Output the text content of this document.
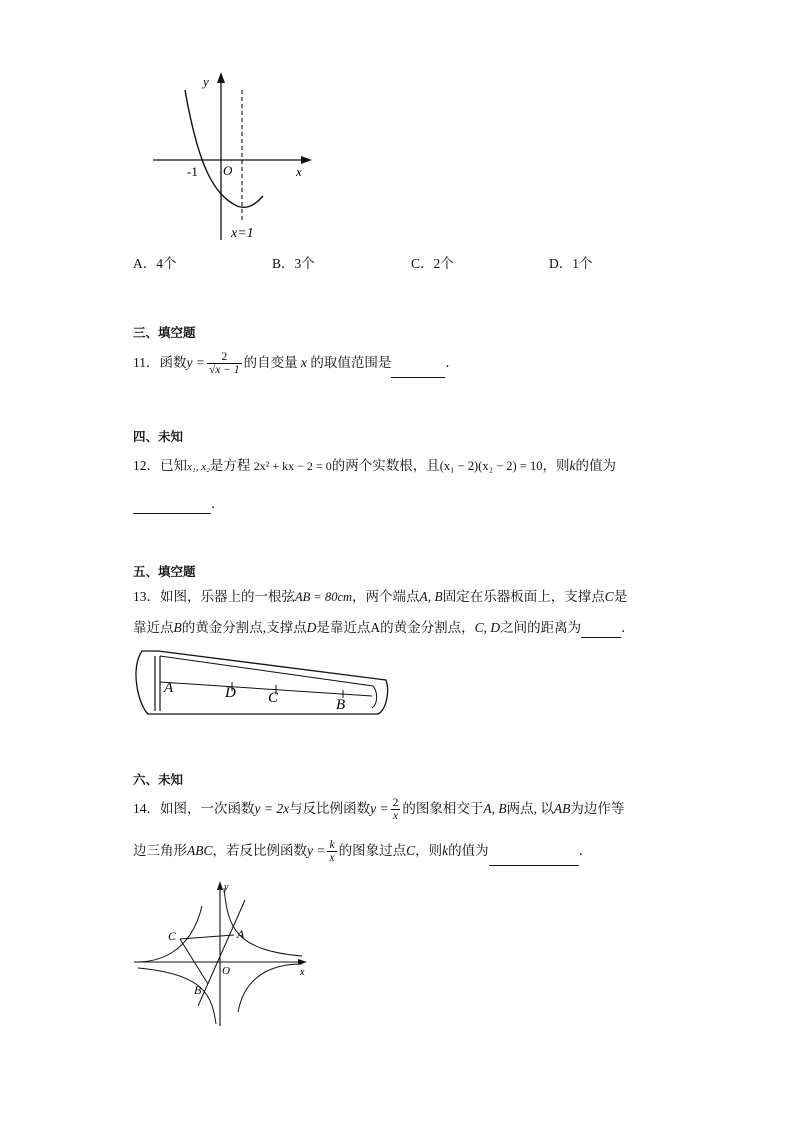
y
x
O
-1
x=1
A．4个	B．3个	C．2个	D．1个
三、填空题
11．函数$y = \frac{2}{√x - 1}$ 的自变量 x 的取值范围是	．
四、未知
12．已知x₁, x₂是方程 2x² + kx − 2 = 0的两个实数根，且(x₁ − 2)(x₂ − 2) = 10，则k的值为
．
五、填空题
13．如图，乐器上的一根弦AB = 80cm，两个端点A, B固定在乐器板面上，支撑点C是
靠近点B的黄金分割点,支撑点D是靠近点A的黄金分割点，C, D之间的距离为	．
A	D C	B
六、未知
14．如图，一次函数y = 2x与反比例函数$y = \frac{2}{x}$ 的图象相交于A, B两点, 以AB为边作等
边三角形ABC，若反比例函数$y = \frac{k}{x}$ 的图象过点C，则k的值为	．
y
x
O
A
B
C
